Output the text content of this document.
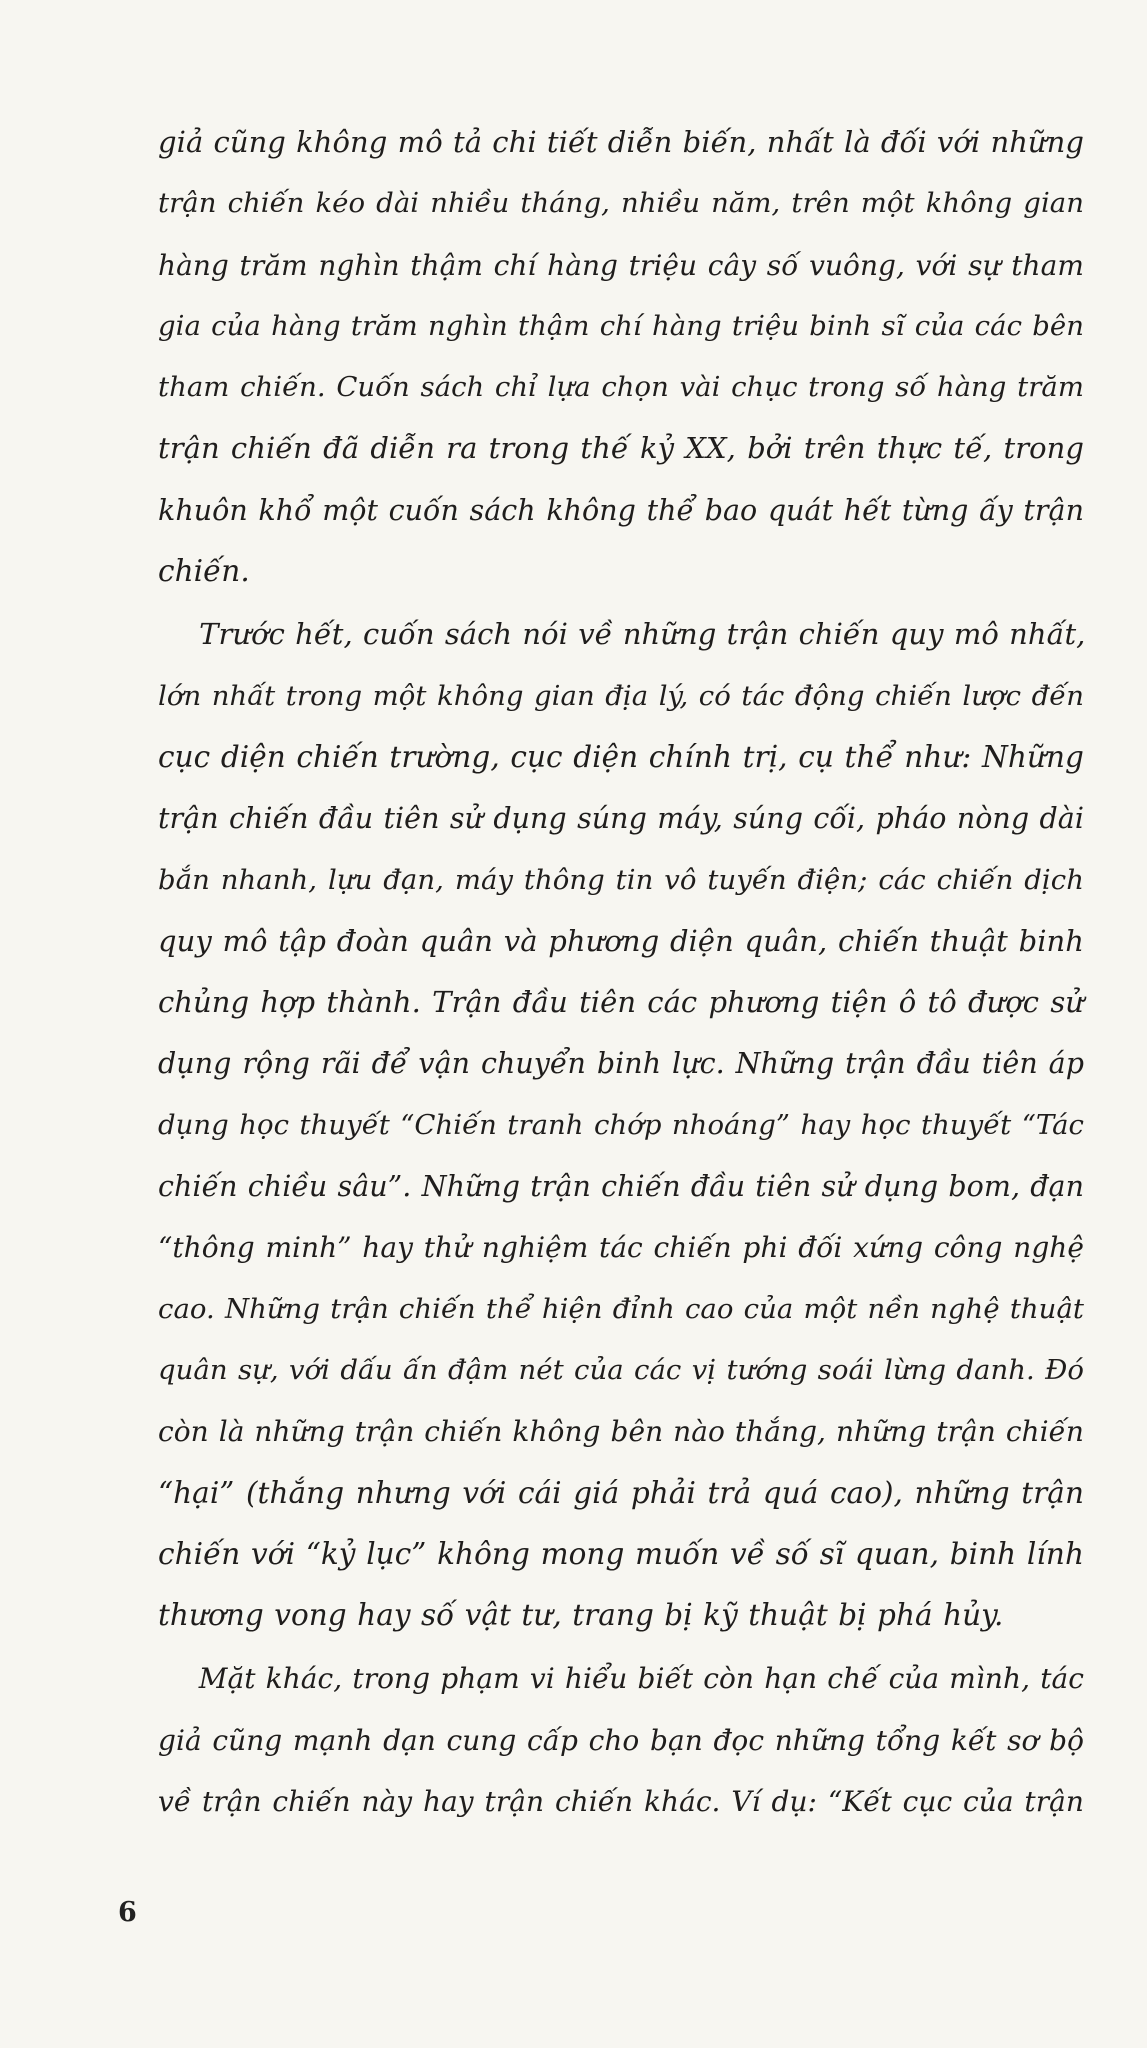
giả cũng không mô tả chi tiết diễn biến, nhất là đối với những
trận chiến kéo dài nhiều tháng, nhiều năm, trên một không gian
hàng trăm nghìn thậm chí hàng triệu cây số vuông, với sự tham
gia của hàng trăm nghìn thậm chí hàng triệu binh sĩ của các bên
tham chiến. Cuốn sách chỉ lựa chọn vài chục trong số hàng trăm
trận chiến đã diễn ra trong thế kỷ XX, bởi trên thực tế, trong
khuôn khổ một cuốn sách không thể bao quát hết từng ấy trận
chiến.
Trước hết, cuốn sách nói về những trận chiến quy mô nhất,
lớn nhất trong một không gian địa lý, có tác động chiến lược đến
cục diện chiến trường, cục diện chính trị, cụ thể như: Những
trận chiến đầu tiên sử dụng súng máy, súng cối, pháo nòng dài
bắn nhanh, lựu đạn, máy thông tin vô tuyến điện; các chiến dịch
quy mô tập đoàn quân và phương diện quân, chiến thuật binh
chủng hợp thành. Trận đầu tiên các phương tiện ô tô được sử
dụng rộng rãi để vận chuyển binh lực. Những trận đầu tiên áp
dụng học thuyết “Chiến tranh chớp nhoáng” hay học thuyết “Tác
chiến chiều sâu”. Những trận chiến đầu tiên sử dụng bom, đạn
“thông minh” hay thử nghiệm tác chiến phi đối xứng công nghệ
cao. Những trận chiến thể hiện đỉnh cao của một nền nghệ thuật
quân sự, với dấu ấn đậm nét của các vị tướng soái lừng danh. Đó
còn là những trận chiến không bên nào thắng, những trận chiến
“hại” (thắng nhưng với cái giá phải trả quá cao), những trận
chiến với “kỷ lục” không mong muốn về số sĩ quan, binh lính
thương vong hay số vật tư, trang bị kỹ thuật bị phá hủy.
Mặt khác, trong phạm vi hiểu biết còn hạn chế của mình, tác
giả cũng mạnh dạn cung cấp cho bạn đọc những tổng kết sơ bộ
về trận chiến này hay trận chiến khác. Ví dụ: “Kết cục của trận
6
